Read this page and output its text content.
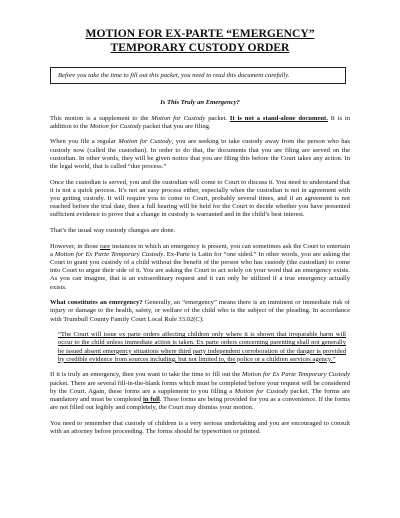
MOTION FOR EX-PARTE “EMERGENCY”
TEMPORARY CUSTODY ORDER
Before you take the time to fill out this packet, you need to read this document carefully.

Is This Truly an Emergency?

This motion is a supplement to the Motion for Custody packet. It is not a stand-alone document. It is in addition to the Motion for Custody packet that you are filing.

When you file a regular Motion for Custody, you are seeking to take custody away from the person who has custody now (called the custodian). In order to do that, the documents that you are filing are served on the custodian. In other words, they will be given notice that you are filing this before the Court takes any action. In the legal world, that is called “due process.”

Once the custodian is served, you and the custodian will come to Court to discuss it. You need to understand that it is not a quick process. It’s not an easy process either, especially when the custodian is not in agreement with you getting custody. It will require you to come to Court, probably several times, and if an agreement is not reached before the trial date, then a full hearing will be held for the Court to decide whether you have presented sufficient evidence to prove that a change in custody is warranted and in the child’s best interest.

That’s the usual way custody changes are done.

However, in those rare instances in which an emergency is present, you can sometimes ask the Court to entertain a Motion for Ex Parte Temporary Custody. Ex-Parte is Latin for “one sided.” In other words, you are asking the Court to grant you custody of a child without the benefit of the person who has custody (the custodian) to come into Court to argue their side of it. You are asking the Court to act solely on your word that an emergency exists. As you can imagine, that is an extraordinary request and it can only be utilized if a true emergency actually exists.

What constitutes an emergency? Generally, an “emergency” means there is an imminent or immediate risk of injury or damage to the health, safety, or welfare of the child who is the subject of the pleading. In accordance with Trumbull County Family Court Local Rule 33.02(C):

“The Court will issue ex parte orders affecting children only where it is shown that irreparable harm will occur to the child unless immediate action is taken. Ex parte orders concerning parenting shall not generally be issued absent emergency situations where third party independent corroboration of the danger is provided by credible evidence from sources including, but not limited to, the police or a children services agency.”

If it is truly an emergency, then you want to take the time to fill out the Motion for Ex Parte Temporary Custody packet. There are several fill-in-the-blank forms which must be completed before your request will be considered by the Court. Again, these forms are a supplement to you filling a Motion for Custody packet. The forms are mandatory and must be completed in full. These forms are being provided for you as a convenience. If the forms are not filled out legibly and completely, the Court may dismiss your motion.

You need to remember that custody of children is a very serious undertaking and you are encouraged to consult with an attorney before proceeding. The forms should be typewritten or printed.
